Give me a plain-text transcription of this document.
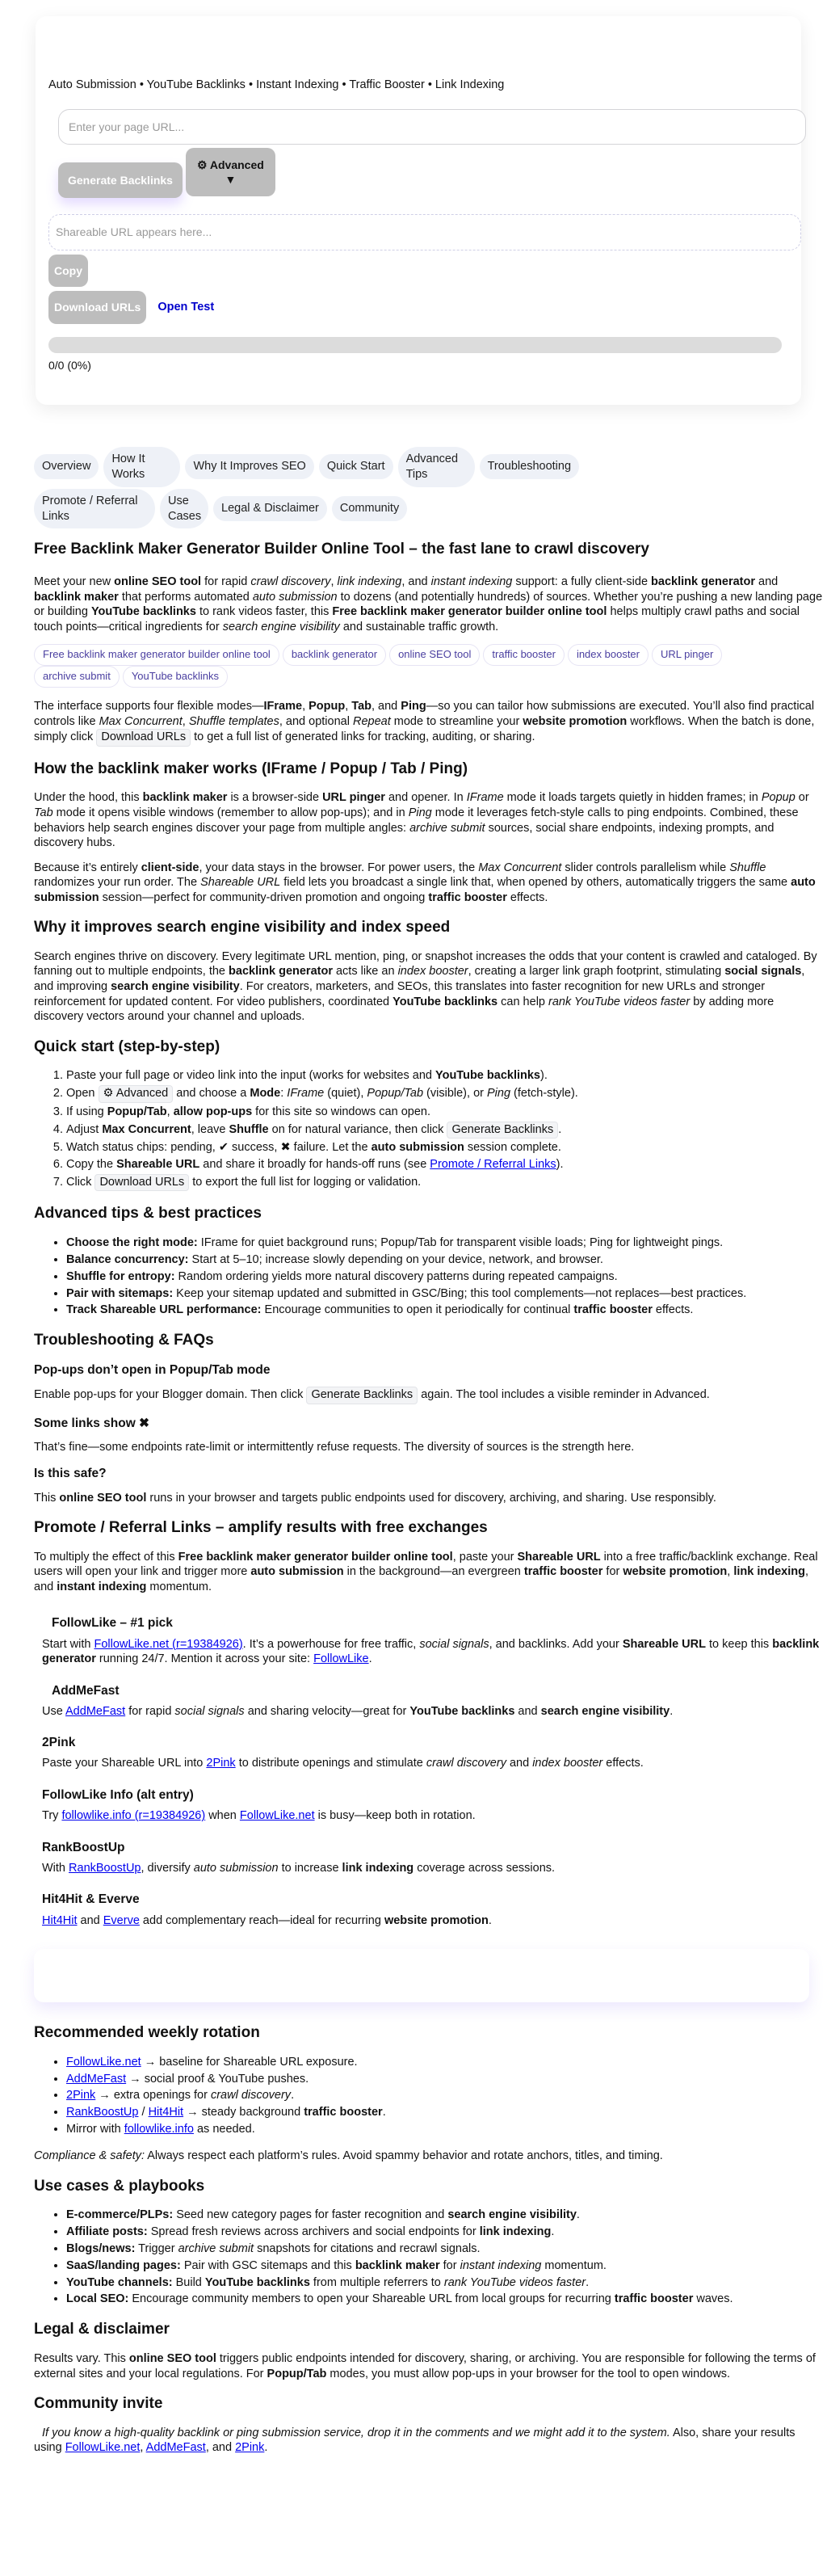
Auto Submission • YouTube Backlinks • Instant Indexing • Traffic Booster • Link Indexing
Enter your page URL...
Generate Backlinks
⚙ Advanced
▼
Shareable URL appears here...
Copy
Download URLs	Open Test
0/0 (0%)
Overview
How It Works
Why It Improves SEO	Quick Start
Advanced Tips
Troubleshooting
Promote / Referral Links
Use Cases
Legal & Disclaimer	Community
Free Backlink Maker Generator Builder Online Tool – the fast lane to crawl discovery

Meet your new online SEO tool for rapid crawl discovery, link indexing, and instant indexing support: a fully client-side backlink generator and backlink maker that performs automated auto submission to dozens (and potentially hundreds) of sources. Whether you’re pushing a new landing page or building YouTube backlinks to rank videos faster, this Free backlink maker generator builder online tool helps multiply crawl paths and social touch points—critical ingredients for search engine visibility and sustainable traffic growth.

Free backlink maker generator builder online tool	backlink generator	online SEO tool	traffic booster	index booster	URL pinger
archive submit	YouTube backlinks

The interface supports four flexible modes—IFrame, Popup, Tab, and Ping—so you can tailor how submissions are executed. You’ll also find practical controls like Max Concurrent, Shuffle templates, and optional Repeat mode to streamline your website promotion workflows. When the batch is done, simply click Download URLs to get a full list of generated links for tracking, auditing, or sharing.

How the backlink maker works (IFrame / Popup / Tab / Ping)

Under the hood, this backlink maker is a browser-side URL pinger and opener. In IFrame mode it loads targets quietly in hidden frames; in Popup or Tab mode it opens visible windows (remember to allow pop-ups); and in Ping mode it leverages fetch-style calls to ping endpoints. Combined, these behaviors help search engines discover your page from multiple angles: archive submit sources, social share endpoints, indexing prompts, and discovery hubs.

Because it’s entirely client-side, your data stays in the browser. For power users, the Max Concurrent slider controls parallelism while Shuffle randomizes your run order. The Shareable URL field lets you broadcast a single link that, when opened by others, automatically triggers the same auto submission session—perfect for community-driven promotion and ongoing traffic booster effects.

Why it improves search engine visibility and index speed

Search engines thrive on discovery. Every legitimate URL mention, ping, or snapshot increases the odds that your content is crawled and cataloged. By fanning out to multiple endpoints, the backlink generator acts like an index booster, creating a larger link graph footprint, stimulating social signals, and improving search engine visibility. For creators, marketers, and SEOs, this translates into faster recognition for new URLs and stronger reinforcement for updated content. For video publishers, coordinated YouTube backlinks can help rank YouTube videos faster by adding more discovery vectors around your channel and uploads.

Quick start (step-by-step)
1. Paste your full page or video link into the input (works for websites and YouTube backlinks).
2. Open ⚙ Advanced and choose a Mode: IFrame (quiet), Popup/Tab (visible), or Ping (fetch-style).
3. If using Popup/Tab, allow pop-ups for this site so windows can open.
4. Adjust Max Concurrent, leave Shuffle on for natural variance, then click Generate Backlinks .
5. Watch status chips: pending, ✔ success, ✖ failure. Let the auto submission session complete.
6. Copy the Shareable URL and share it broadly for hands-off runs (see Promote / Referral Links).
7. Click Download URLs to export the full list for logging or validation.
Advanced tips & best practices
• Choose the right mode: IFrame for quiet background runs; Popup/Tab for transparent visible loads; Ping for lightweight pings.
• Balance concurrency: Start at 5–10; increase slowly depending on your device, network, and browser.
• Shuffle for entropy: Random ordering yields more natural discovery patterns during repeated campaigns.
• Pair with sitemaps: Keep your sitemap updated and submitted in GSC/Bing; this tool complements—not replaces—best practices.
• Track Shareable URL performance: Encourage communities to open it periodically for continual traffic booster effects.
Troubleshooting & FAQs
Pop-ups don’t open in Popup/Tab mode

Enable pop-ups for your Blogger domain. Then click Generate Backlinks again. The tool includes a visible reminder in Advanced.

Some links show ✖

That’s fine—some endpoints rate-limit or intermittently refuse requests. The diversity of sources is the strength here.

Is this safe?

This online SEO tool runs in your browser and targets public endpoints used for discovery, archiving, and sharing. Use responsibly.

Promote / Referral Links – amplify results with free exchanges

To multiply the effect of this Free backlink maker generator builder online tool, paste your Shareable URL into a free traffic/backlink exchange. Real users will open your link and trigger more auto submission in the background—an evergreen traffic booster for website promotion, link indexing, and instant indexing momentum.

FollowLike – #1 pick

Start with FollowLike.net (r=19384926). It’s a powerhouse for free traffic, social signals, and backlinks. Add your Shareable URL to keep this backlink generator running 24/7. Mention it across your site: FollowLike.

AddMeFast

Use AddMeFast for rapid social signals and sharing velocity—great for YouTube backlinks and search engine visibility.

2Pink

Paste your Shareable URL into 2Pink to distribute openings and stimulate crawl discovery and index booster effects.

FollowLike Info (alt entry)

Try followlike.info (r=19384926) when FollowLike.net is busy—keep both in rotation.

RankBoostUp

With RankBoostUp, diversify auto submission to increase link indexing coverage across sessions.

Hit4Hit & Everve

Hit4Hit and Everve add complementary reach—ideal for recurring website promotion.

Recommended weekly rotation
• FollowLike.net → baseline for Shareable URL exposure.
• AddMeFast → social proof & YouTube pushes.
• 2Pink → extra openings for crawl discovery.
• RankBoostUp / Hit4Hit → steady background traffic booster.
• Mirror with followlike.info as needed.

Compliance & safety: Always respect each platform’s rules. Avoid spammy behavior and rotate anchors, titles, and timing.

Use cases & playbooks
• E-commerce/PLPs: Seed new category pages for faster recognition and search engine visibility.
• Affiliate posts: Spread fresh reviews across archivers and social endpoints for link indexing.
• Blogs/news: Trigger archive submit snapshots for citations and recrawl signals.
• SaaS/landing pages: Pair with GSC sitemaps and this backlink maker for instant indexing momentum.
• YouTube channels: Build YouTube backlinks from multiple referrers to rank YouTube videos faster.
• Local SEO: Encourage community members to open your Shareable URL from local groups for recurring traffic booster waves.
Legal & disclaimer

Results vary. This online SEO tool triggers public endpoints intended for discovery, sharing, or archiving. You are responsible for following the terms of external sites and your local regulations. For Popup/Tab modes, you must allow pop-ups in your browser for the tool to open windows.

Community invite

If you know a high-quality backlink or ping submission service, drop it in the comments and we might add it to the system. Also, share your results using FollowLike.net, AddMeFast, and 2Pink.
